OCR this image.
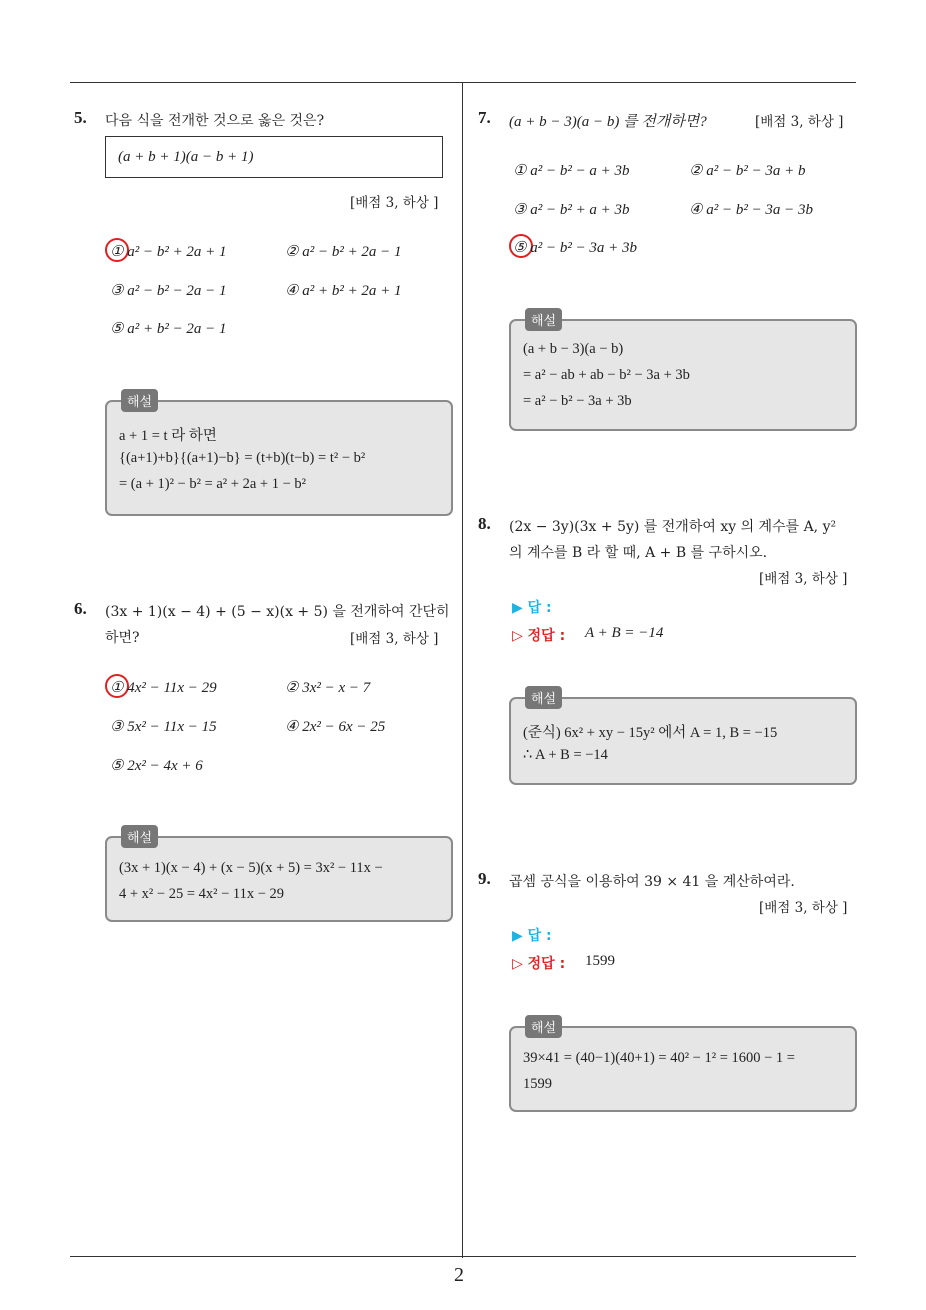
5. 다음 식을 전개한 것으로 옳은 것은?
(a + b + 1)(a − b + 1)
[배점 3, 하상 ]
① a² − b² + 2a + 1	② a² − b² + 2a − 1
③ a² − b² − 2a − 1	④ a² + b² + 2a + 1
⑤ a² + b² − 2a − 1
해설
a + 1 = t 라 하면
{(a+1)+b}{(a+1)−b} = (t+b)(t−b) = t² − b²
= (a + 1)² − b² = a² + 2a + 1 − b²
6. (3x + 1)(x − 4) + (5 − x)(x + 5) 을 전개하여 간단히
하면?	[배점 3, 하상 ]
① 4x² − 11x − 29	② 3x² − x − 7
③ 5x² − 11x − 15	④ 2x² − 6x − 25
⑤ 2x² − 4x + 6
해설
(3x + 1)(x − 4) + (x − 5)(x + 5) = 3x² − 11x −
4 + x² − 25 = 4x² − 11x − 29
7. (a + b − 3)(a − b) 를 전개하면?	[배점 3, 하상 ]
① a² − b² − a + 3b	② a² − b² − 3a + b
③ a² − b² + a + 3b	④ a² − b² − 3a − 3b
⑤ a² − b² − 3a + 3b
해설
(a + b − 3)(a − b)
= a² − ab + ab − b² − 3a + 3b
= a² − b² − 3a + 3b
8. (2x − 3y)(3x + 5y) 를 전개하여 xy 의 계수를 A, y²
의 계수를 B 라 할 때, A + B 를 구하시오.
[배점 3, 하상 ]
▶ 답 :
▷ 정답 : A + B = −14
해설
(준식) 6x² + xy − 15y² 에서 A = 1, B = −15
∴ A + B = −14
9. 곱셈 공식을 이용하여 39 × 41 을 계산하여라.
[배점 3, 하상 ]
▶ 답 :
▷ 정답 : 1599
해설
39×41 = (40−1)(40+1) = 40² − 1² = 1600 − 1 =
1599
2
